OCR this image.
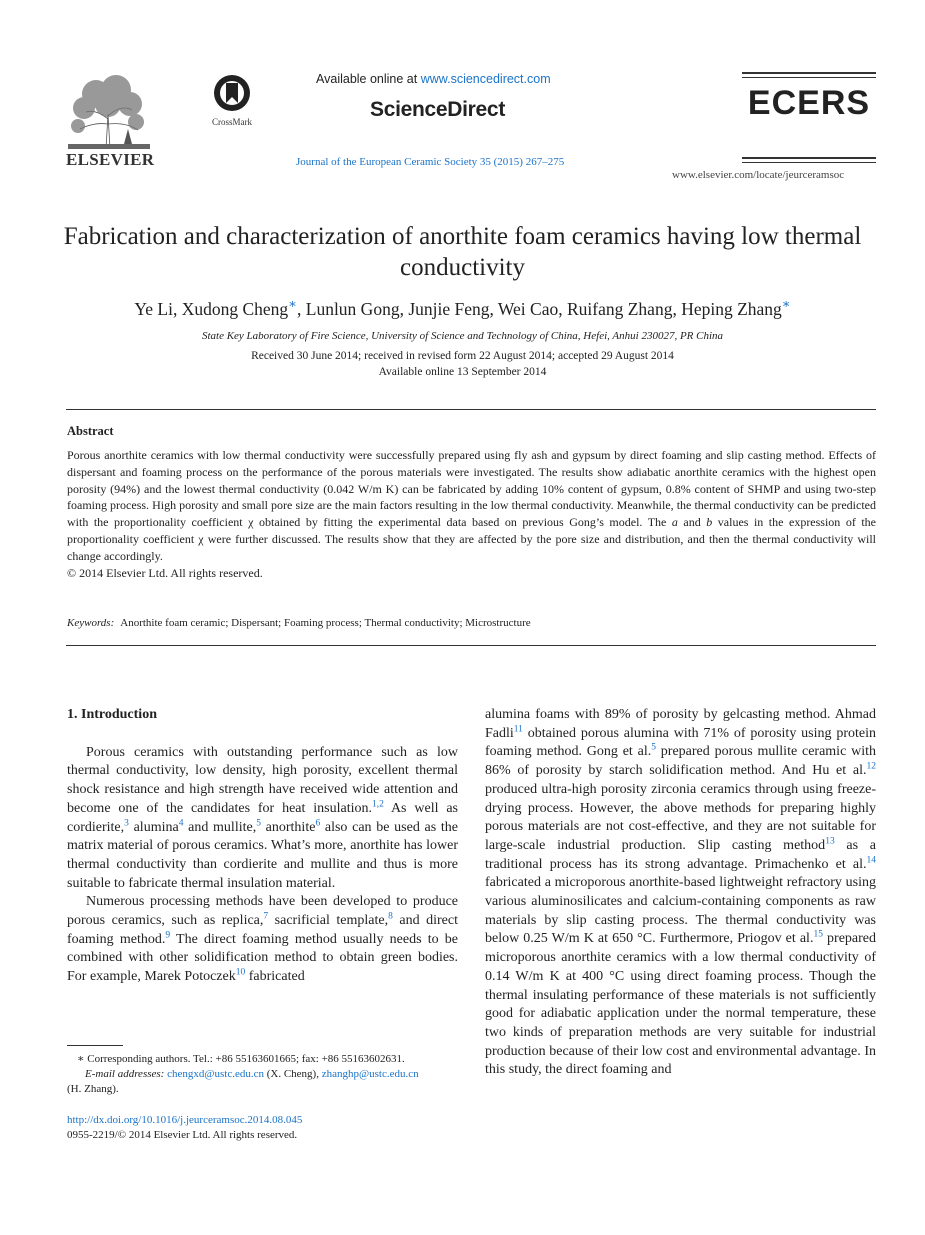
ELSEVIER
CrossMark
Available online at www.sciencedirect.com
ScienceDirect
Journal of the European Ceramic Society 35 (2015) 267–275
ECERS
www.elsevier.com/locate/jeurceramsoc
Fabrication and characterization of anorthite foam ceramics having low thermal conductivity
Ye Li, Xudong Cheng∗, Lunlun Gong, Junjie Feng, Wei Cao, Ruifang Zhang, Heping Zhang∗
State Key Laboratory of Fire Science, University of Science and Technology of China, Hefei, Anhui 230027, PR China
Received 30 June 2014; received in revised form 22 August 2014; accepted 29 August 2014
Available online 13 September 2014
Abstract
Porous anorthite ceramics with low thermal conductivity were successfully prepared using fly ash and gypsum by direct foaming and slip casting method. Effects of dispersant and foaming process on the performance of the porous materials were investigated. The results show adiabatic anorthite ceramics with the highest open porosity (94%) and the lowest thermal conductivity (0.042 W/m K) can be fabricated by adding 10% content of gypsum, 0.8% content of SHMP and using two-step foaming process. High porosity and small pore size are the main factors resulting in the low thermal conductivity. Meanwhile, the thermal conductivity can be predicted with the proportionality coefficient χ obtained by fitting the experimental data based on previous Gong’s model. The a and b values in the expression of the proportionality coefficient χ were further discussed. The results show that they are affected by the pore size and distribution, and then the thermal conductivity will change accordingly.
© 2014 Elsevier Ltd. All rights reserved.
Keywords: Anorthite foam ceramic; Dispersant; Foaming process; Thermal conductivity; Microstructure

1. Introduction

Porous ceramics with outstanding performance such as low thermal conductivity, low density, high porosity, excellent thermal shock resistance and high strength have received wide attention and become one of the candidates for heat insulation.$^{1,2}$ As well as cordierite,$^3$ alumina$^4$ and mullite,$^5$ anorthite$^6$ also can be used as the matrix material of porous ceramics. What’s more, anorthite has lower thermal conductivity than cordierite and mullite and thus is more suitable to fabricate thermal insulation material.

Numerous processing methods have been developed to produce porous ceramics, such as replica,$^7$ sacrificial template,$^8$ and direct foaming method.$^9$ The direct foaming method usually needs to be combined with other solidification method to obtain green bodies. For example, Marek Potoczek$^{10}$ fabricated

alumina foams with 89% of porosity by gelcasting method. Ahmad Fadli$^{11}$ obtained porous alumina with 71% of porosity using protein foaming method. Gong et al.$^5$ prepared porous mullite ceramic with 86% of porosity by starch solidification method. And Hu et al.$^{12}$ produced ultra-high porosity zirconia ceramics through using freeze-drying process. However, the above methods for preparing highly porous materials are not cost-effective, and they are not suitable for large-scale industrial production. Slip casting method$^{13}$ as a traditional process has its strong advantage. Primachenko et al.$^{14}$ fabricated a microporous anorthite-based lightweight refractory using various aluminosilicates and calcium-containing components as raw materials by slip casting process. The thermal conductivity was below 0.25 W/m K at 650 °C. Furthermore, Priogov et al.$^{15}$ prepared microporous anorthite ceramics with a low thermal conductivity of 0.14 W/m K at 400 °C using direct foaming process. Though the thermal insulating performance of these materials is not sufficiently good for adiabatic application under the normal temperature, these two kinds of preparation methods are very suitable for industrial production because of their low cost and environmental advantage. In this study, the direct foaming and

∗ Corresponding authors. Tel.: +86 55163601665; fax: +86 55163602631.
E-mail addresses: chengxd@ustc.edu.cn (X. Cheng), zhanghp@ustc.edu.cn
(H. Zhang).
http://dx.doi.org/10.1016/j.jeurceramsoc.2014.08.045
0955-2219/© 2014 Elsevier Ltd. All rights reserved.
